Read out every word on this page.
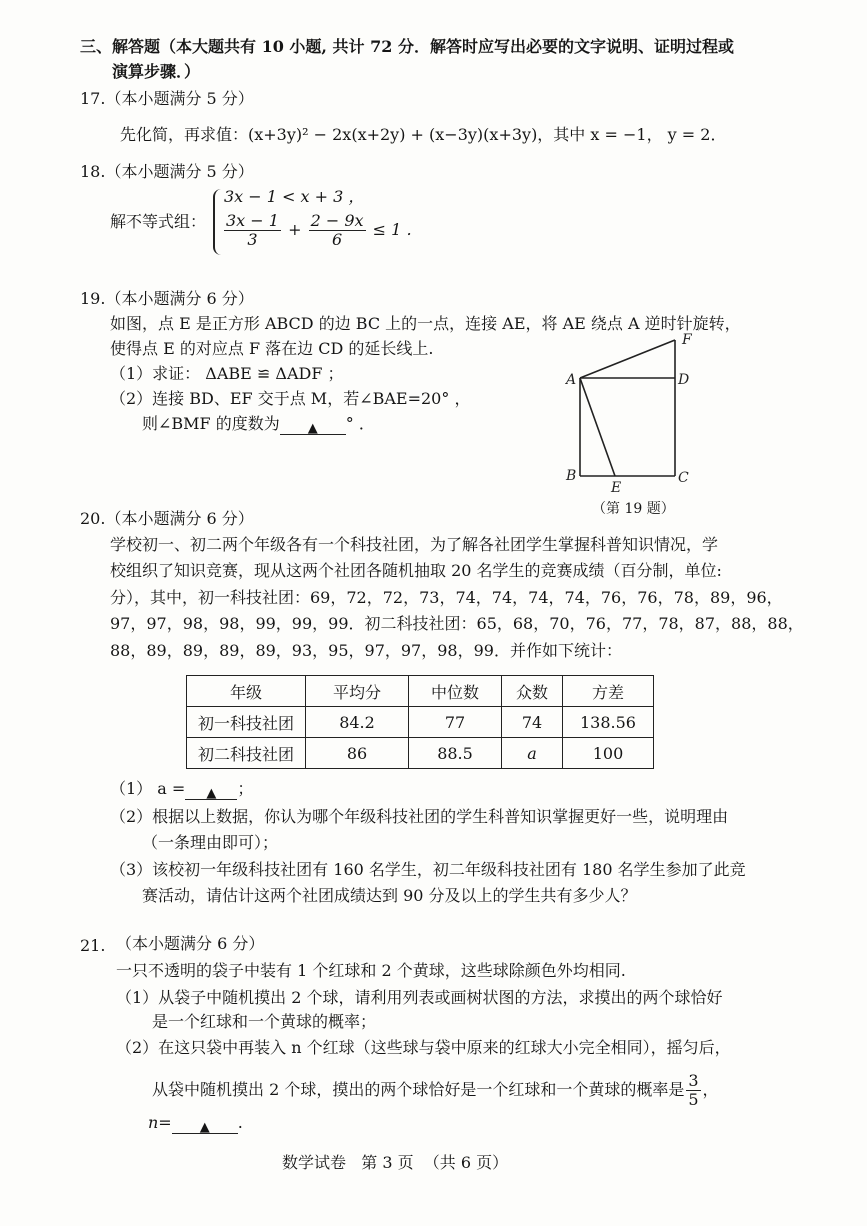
三、解答题（本大题共有 10 小题, 共计 72 分．解答时应写出必要的文字说明、证明过程或
演算步骤．）
17.（本小题满分 5 分）
先化简，再求值：(x+3y)² − 2x(x+2y) + (x−3y)(x+3y)，其中 x = −1， y = 2．
18.（本小题满分 5 分）
解不等式组：
3x − 1 < x + 3 ，
$\frac{3x - 1}{3} + \frac{2 - 9x}{6} \le 1$ ．
19.（本小题满分 6 分）
如图，点 E 是正方形 ABCD 的边 BC 上的一点，连接 AE，将 AE 绕点 A 逆时针旋转，
使得点 E 的对应点 F 落在边 CD 的延长线上.
（1）求证： ΔABE ≌ ΔADF ；
（2）连接 BD、EF 交于点 M，若∠BAE=20° ，
则∠BMF 的度数为 ▲ ° ．
A
B	C
D
E
F
（第 19 题）
20.（本小题满分 6 分）
学校初一、初二两个年级各有一个科技社团，为了解各社团学生掌握科普知识情况，学
校组织了知识竞赛，现从这两个社团各随机抽取 20 名学生的竞赛成绩（百分制，单位:
分），其中，初一科技社团：69，72，72，73，74，74，74，74，76，76，78，89，96，
97，97，98，98，99，99，99．初二科技社团：65，68，70，76，77，78，87，88，88，
88，89，89，89，89，93，95，97，97，98，99．并作如下统计：
年级	平均分	中位数	众数	方差
初一科技社团	84.2	77	74	138.56
初二科技社团	86	88.5	a	100
（1） a = ▲ ；
（2）根据以上数据，你认为哪个年级科技社团的学生科普知识掌握更好一些，说明理由
（一条理由即可）；
（3）该校初一年级科技社团有 160 名学生，初二年级科技社团有 180 名学生参加了此竞
赛活动，请估计这两个社团成绩达到 90 分及以上的学生共有多少人？
21. （本小题满分 6 分）
一只不透明的袋子中装有 1 个红球和 2 个黄球，这些球除颜色外均相同.
（1）从袋子中随机摸出 2 个球，请利用列表或画树状图的方法，求摸出的两个球恰好
是一个红球和一个黄球的概率；
（2）在这只袋中再装入 n 个红球（这些球与袋中原来的红球大小完全相同），摇匀后，
从袋中随机摸出 2 个球，摸出的两个球恰好是一个红球和一个黄球的概率是 $\frac{3}{5}$ ，
n= ▲ .
数学试卷   第 3 页  （共 6 页）
